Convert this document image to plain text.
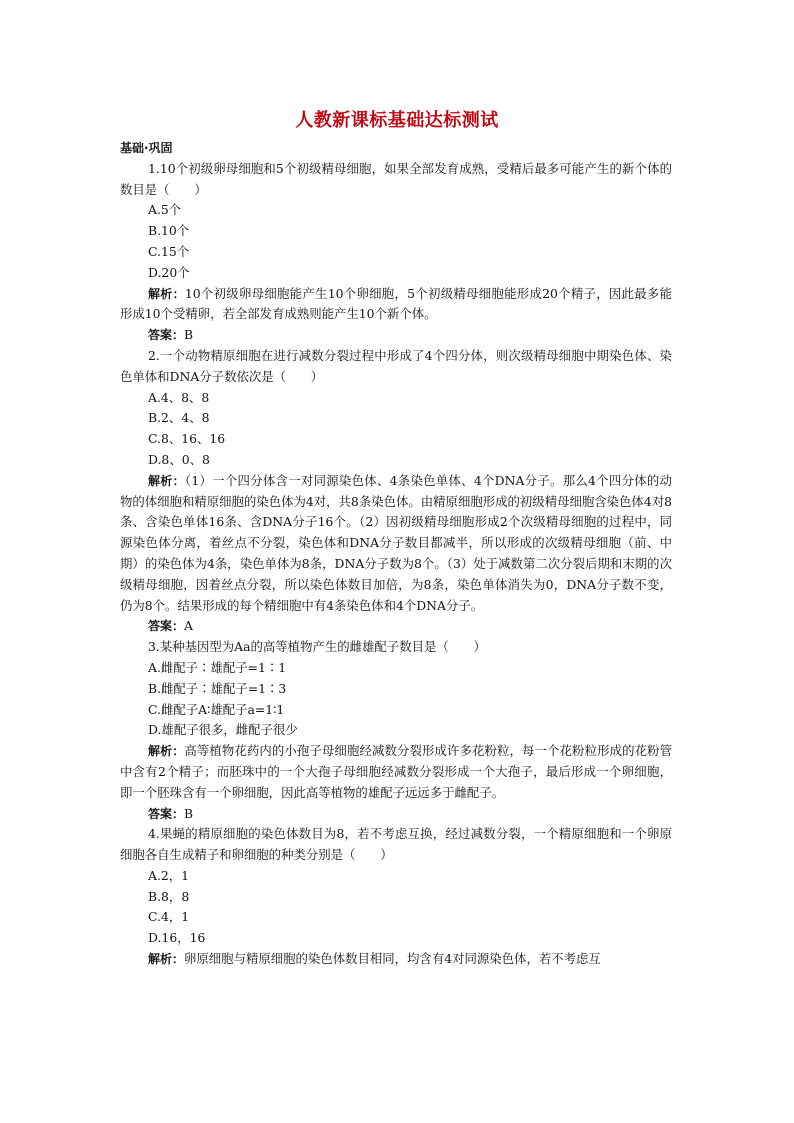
人教新课标基础达标测试

基础·巩固

1.10个初级卵母细胞和5个初级精母细胞，如果全部发育成熟，受精后最多可能产生的新个体的数目是（　　）

A.5个

B.10个

C.15个

D.20个

解析：10个初级卵母细胞能产生10个卵细胞，5个初级精母细胞能形成20个精子，因此最多能形成10个受精卵，若全部发育成熟则能产生10个新个体。

答案：B

2.一个动物精原细胞在进行减数分裂过程中形成了4个四分体，则次级精母细胞中期染色体、染色单体和DNA分子数依次是（　　）

A.4、8、8

B.2、4、8

C.8、16、16

D.8、0、8

解析：（1）一个四分体含一对同源染色体、4条染色单体、4个DNA分子。那么4个四分体的动物的体细胞和精原细胞的染色体为4对，共8条染色体。由精原细胞形成的初级精母细胞含染色体4对8条、含染色单体16条、含DNA分子16个。（2）因初级精母细胞形成2个次级精母细胞的过程中，同源染色体分离，着丝点不分裂，染色体和DNA分子数目都减半，所以形成的次级精母细胞（前、中期）的染色体为4条，染色单体为8条，DNA分子数为8个。（3）处于减数第二次分裂后期和末期的次级精母细胞，因着丝点分裂，所以染色体数目加倍，为8条，染色单体消失为0，DNA分子数不变，仍为8个。结果形成的每个精细胞中有4条染色体和4个DNA分子。

答案：A

3.某种基因型为Aa的高等植物产生的雌雄配子数目是（　　）

A.雌配子∶雄配子=1∶1

B.雌配子∶雄配子=1∶3

C.雌配子A∶雄配子a=1∶1

D.雄配子很多，雌配子很少

解析：高等植物花药内的小孢子母细胞经减数分裂形成许多花粉粒，每一个花粉粒形成的花粉管中含有2个精子；而胚珠中的一个大孢子母细胞经减数分裂形成一个大孢子，最后形成一个卵细胞，即一个胚珠含有一个卵细胞，因此高等植物的雄配子远远多于雌配子。

答案：B

4.果蝇的精原细胞的染色体数目为8，若不考虑互换，经过减数分裂，一个精原细胞和一个卵原细胞各自生成精子和卵细胞的种类分别是（　　）

A.2，1

B.8，8

C.4，1

D.16，16

解析：卵原细胞与精原细胞的染色体数目相同，均含有4对同源染色体，若不考虑互
